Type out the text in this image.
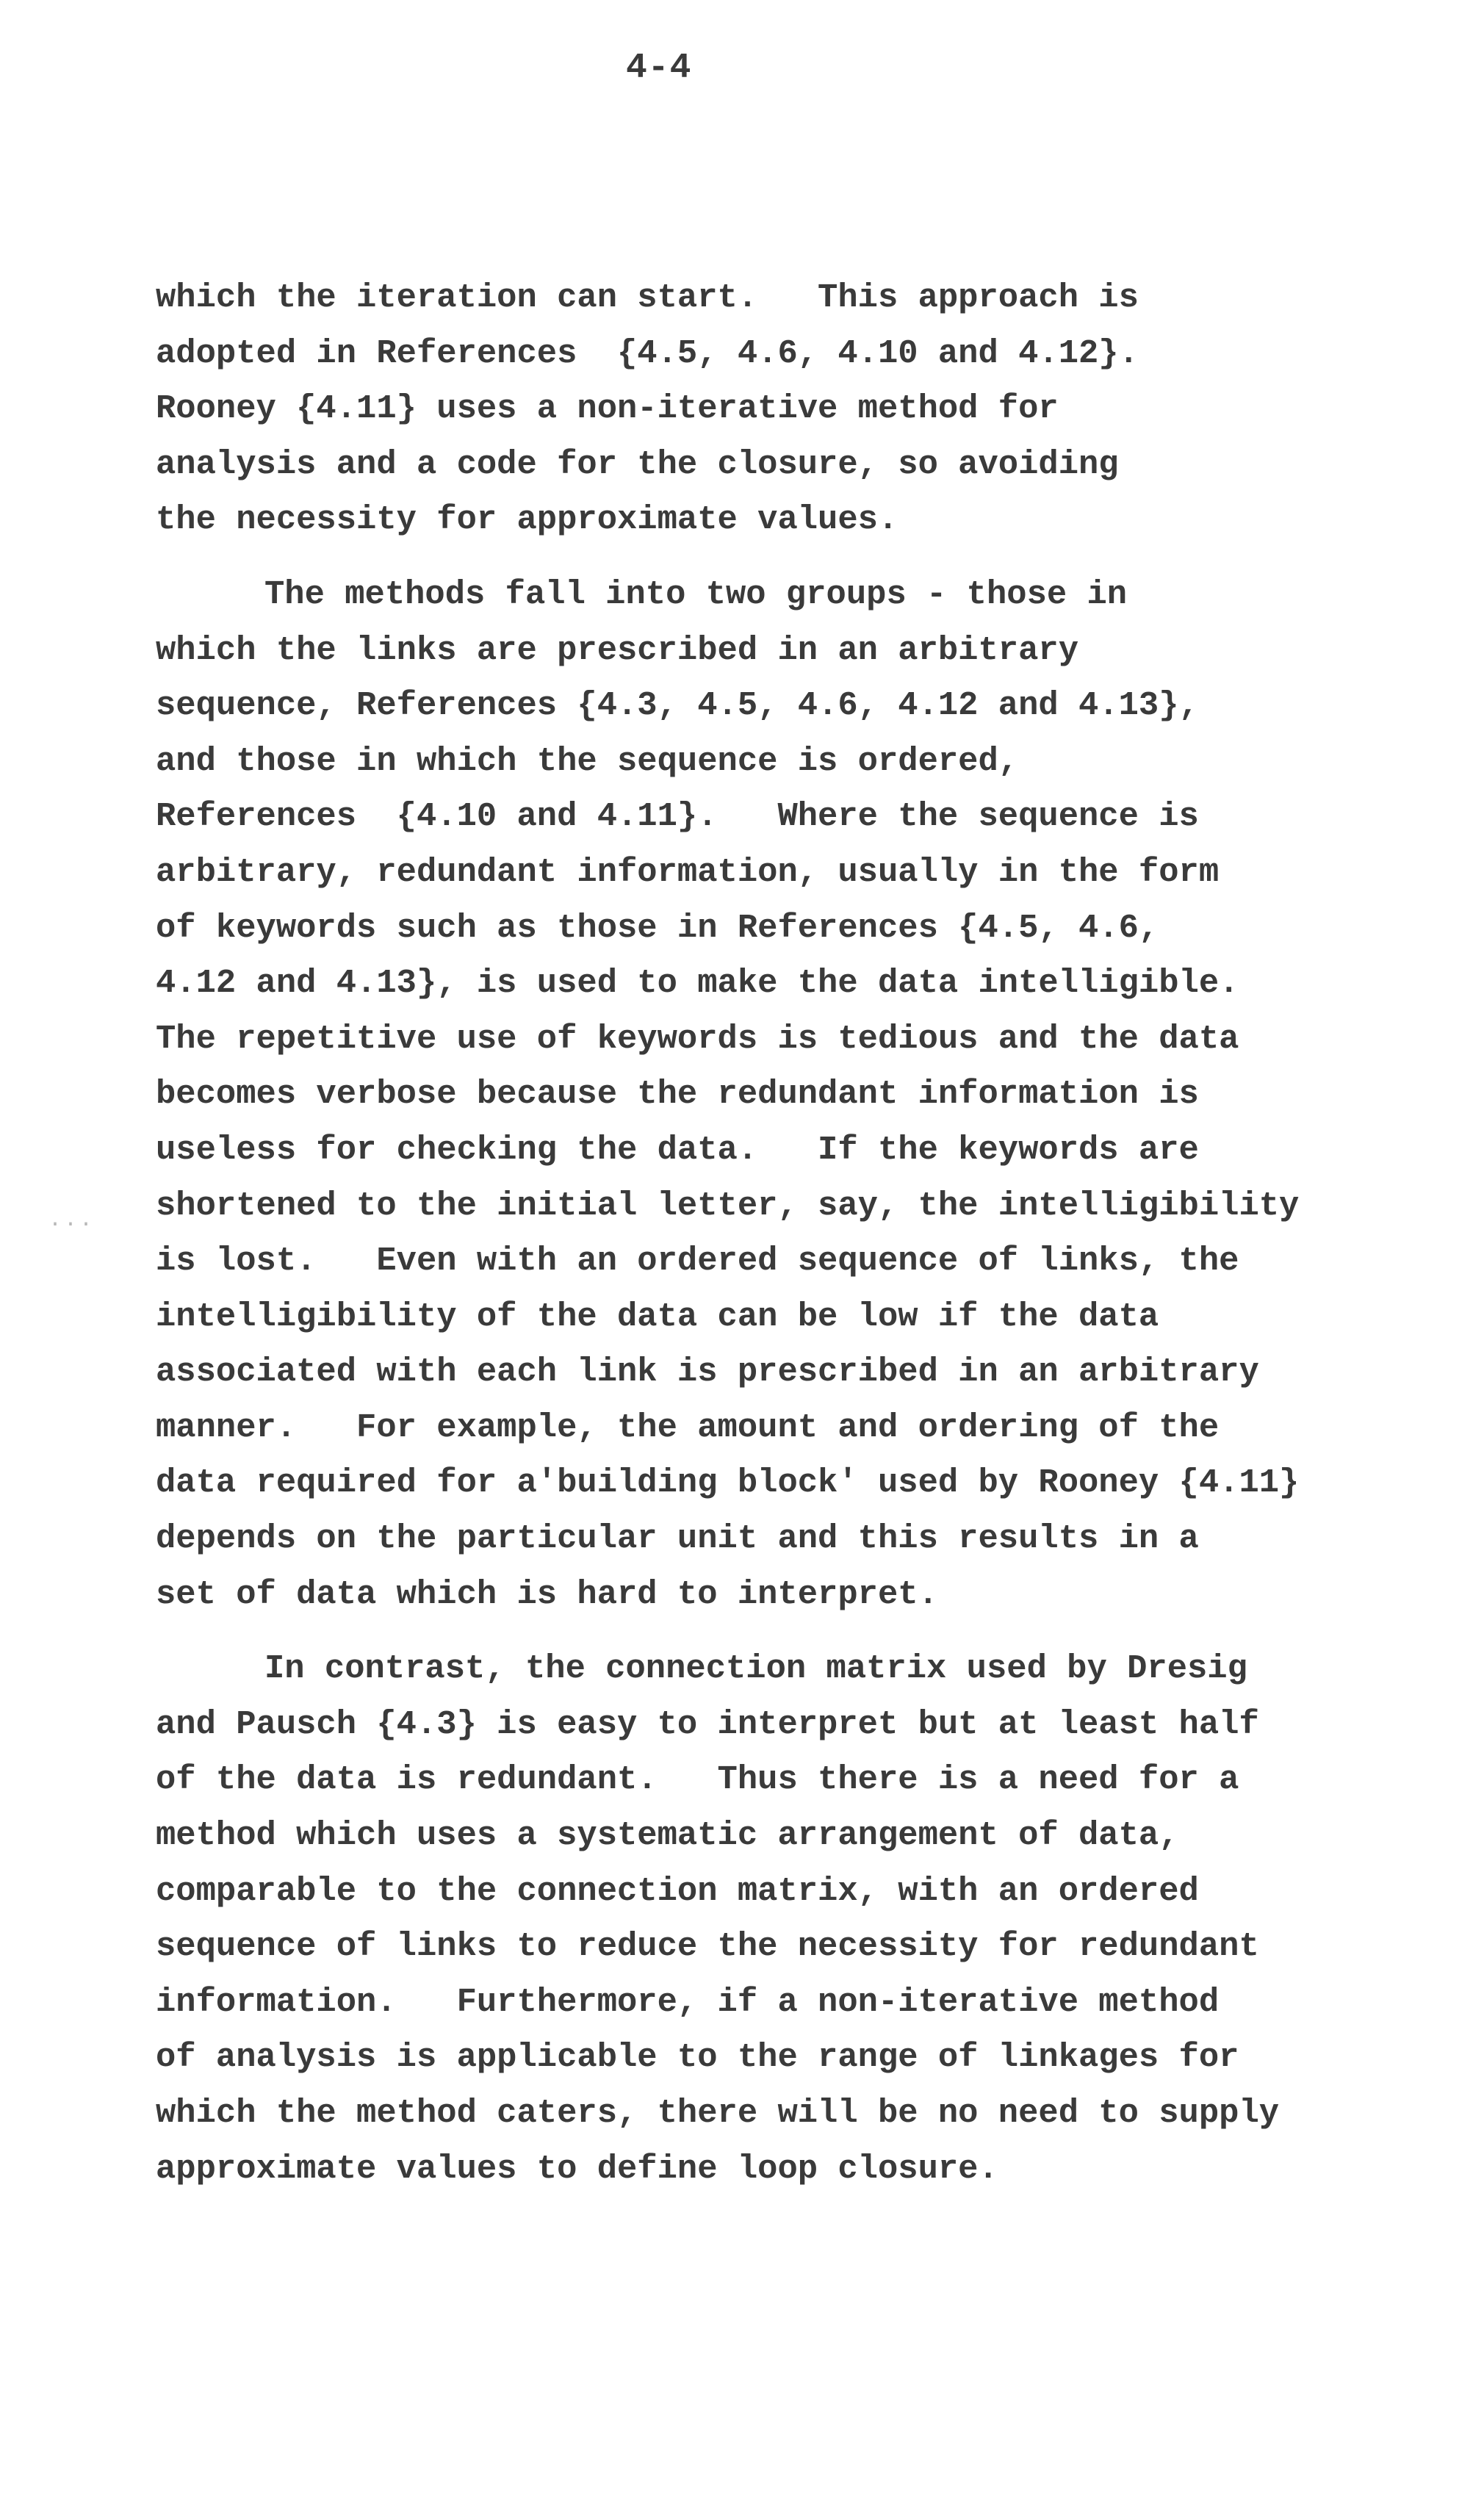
4-4
...

which the iteration can start.   This approach is
adopted in References  {4.5, 4.6, 4.10 and 4.12}.
Rooney {4.11} uses a non-iterative method for
analysis and a code for the closure, so avoiding
the necessity for approximate values.

The methods fall into two groups - those in
which the links are prescribed in an arbitrary
sequence, References {4.3, 4.5, 4.6, 4.12 and 4.13},
and those in which the sequence is ordered,
References  {4.10 and 4.11}.   Where the sequence is
arbitrary, redundant information, usually in the form
of keywords such as those in References {4.5, 4.6,
4.12 and 4.13}, is used to make the data intelligible.
The repetitive use of keywords is tedious and the data
becomes verbose because the redundant information is
useless for checking the data.   If the keywords are
shortened to the initial letter, say, the intelligibility
is lost.   Even with an ordered sequence of links, the
intelligibility of the data can be low if the data
associated with each link is prescribed in an arbitrary
manner.   For example, the amount and ordering of the
data required for a'building block' used by Rooney {4.11}
depends on the particular unit and this results in a
set of data which is hard to interpret.

In contrast, the connection matrix used by Dresig
and Pausch {4.3} is easy to interpret but at least half
of the data is redundant.   Thus there is a need for a
method which uses a systematic arrangement of data,
comparable to the connection matrix, with an ordered
sequence of links to reduce the necessity for redundant
information.   Furthermore, if a non-iterative method
of analysis is applicable to the range of linkages for
which the method caters, there will be no need to supply
approximate values to define loop closure.
